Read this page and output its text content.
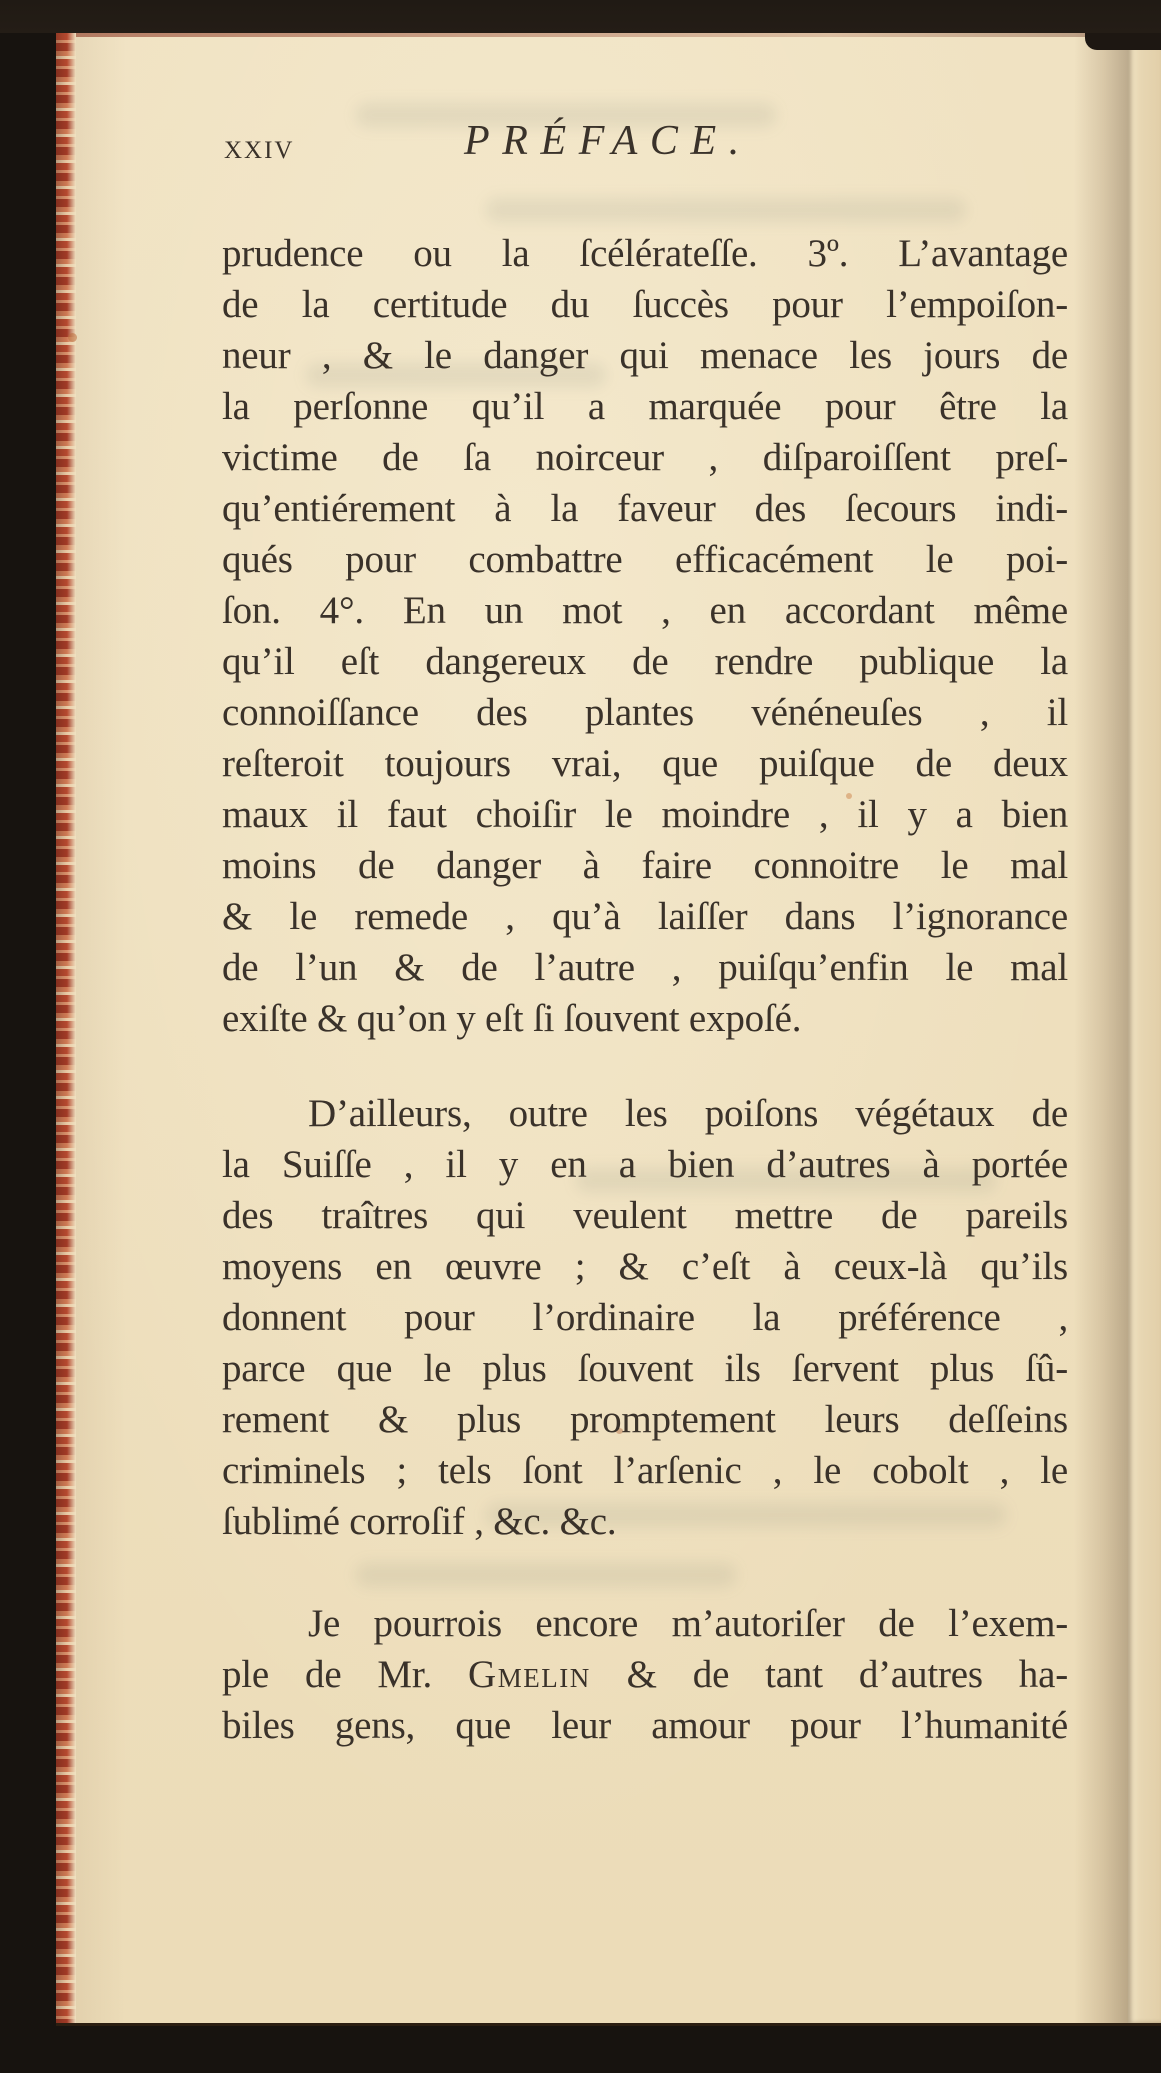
xxiv	PRÉFACE.
prudence ou la ſcélérateſſe. 3º. L’avantage
de la certitude du ſuccès pour l’empoiſon-
neur , & le danger qui menace les jours de
la perſonne qu’il a marquée pour être la
victime de ſa noirceur , diſparoiſſent preſ-
qu’entiérement à la faveur des ſecours indi-
qués pour combattre efficacément le poi-
ſon. 4°. En un mot , en accordant même
qu’il eſt dangereux de rendre publique la
connoiſſance des plantes vénéneuſes , il
reſteroit toujours vrai, que puiſque de deux
maux il faut choiſir le moindre , il y a bien
moins de danger à faire connoitre le mal
& le remede , qu’à laiſſer dans l’ignorance
de l’un & de l’autre , puiſqu’enfin le mal
exiſte & qu’on y eſt ſi ſouvent expoſé.
D’ailleurs, outre les poiſons végétaux de
la Suiſſe , il y en a bien d’autres à portée
des traîtres qui veulent mettre de pareils
moyens en œuvre ; & c’eſt à ceux-là qu’ils
donnent pour l’ordinaire la préférence ,
parce que le plus ſouvent ils ſervent plus ſû-
rement & plus promptement leurs deſſeins
criminels ; tels ſont l’arſenic , le cobolt , le
ſublimé corroſif , &c. &c.
Je pourrois encore m’autoriſer de l’exem-
ple de Mr. Gmelin & de tant d’autres ha-
biles gens, que leur amour pour l’humanité
